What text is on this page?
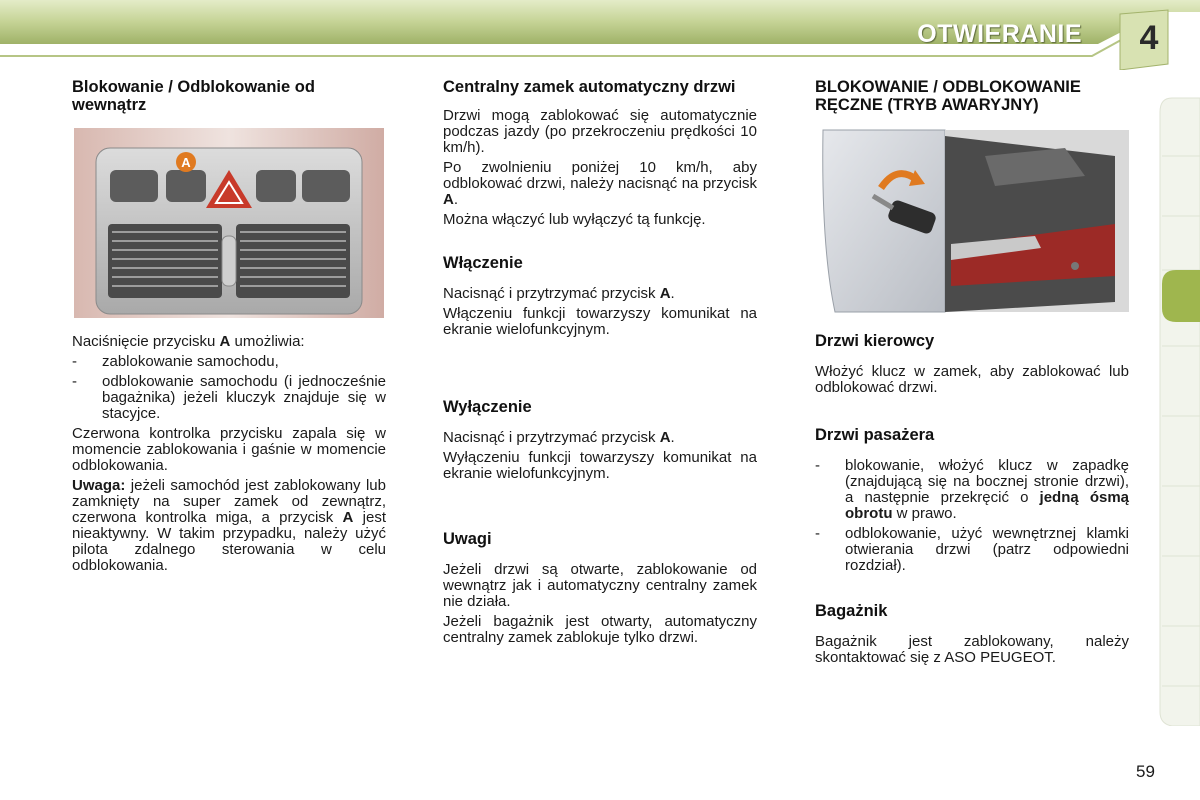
OTWIERANIE	4
Blokowanie / Odblokowanie od wewnątrz
A

Naciśnięcie przycisku A umożliwia:

- zablokowanie samochodu,
- odblokowanie samochodu (i jednocześnie bagażnika) jeżeli kluczyk znajduje się w stacyjce.

Czerwona kontrolka przycisku zapala się w momencie zablokowania i gaśnie w momencie odblokowania.

Uwaga: jeżeli samochód jest zablokowany lub zamknięty na super zamek od zewnątrz, czerwona kontrolka miga, a przycisk A jest nieaktywny. W takim przypadku, należy użyć pilota zdalnego sterowania w celu odblokowania.

Centralny zamek automatyczny drzwi

Drzwi mogą zablokować się automatycznie podczas jazdy (po przekroczeniu prędkości 10 km/h).

Po zwolnieniu poniżej 10 km/h, aby odblokować drzwi, należy nacisnąć na przycisk A.

Można włączyć lub wyłączyć tą funkcję.

Włączenie

Nacisnąć i przytrzymać przycisk A.

Włączeniu funkcji towarzyszy komunikat na ekranie wielofunkcyjnym.

Wyłączenie

Nacisnąć i przytrzymać przycisk A.

Wyłączeniu funkcji towarzyszy komunikat na ekranie wielofunkcyjnym.

Uwagi

Jeżeli drzwi są otwarte, zablokowanie od wewnątrz jak i automatyczny centralny zamek nie działa.

Jeżeli bagażnik jest otwarty, automatyczny centralny zamek zablokuje tylko drzwi.

BLOKOWANIE / ODBLOKOWANIE RĘCZNE (TRYB AWARYJNY)
Drzwi kierowcy

Włożyć klucz w zamek, aby zablokować lub odblokować drzwi.

Drzwi pasażera
- blokowanie, włożyć klucz w zapadkę (znajdującą się na bocznej stronie drzwi), a następnie przekręcić o jedną ósmą obrotu w prawo.
- odblokowanie, użyć wewnętrznej klamki otwierania drzwi (patrz odpowiedni rozdział).
Bagażnik

Bagażnik jest zablokowany, należy skontaktować się z ASO PEUGEOT.

59
